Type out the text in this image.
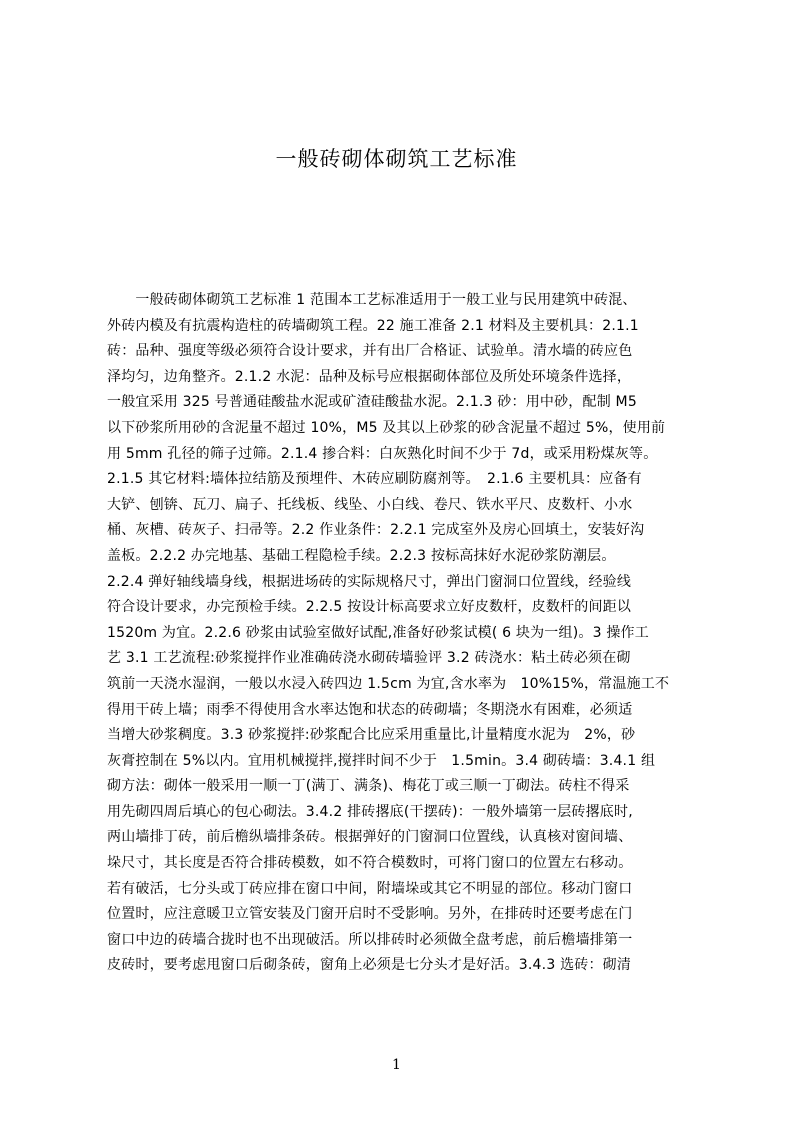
一般砖砌体砌筑工艺标准
　　一般砖砌体砌筑工艺标准 1 范围本工艺标准适用于一般工业与民用建筑中砖混、
外砖内模及有抗震构造柱的砖墙砌筑工程。22 施工准备 2.1 材料及主要机具：2.1.1
砖：品种、强度等级必须符合设计要求，并有出厂合格证、试验单。清水墙的砖应色
泽均匀，边角整齐。2.1.2 水泥：品种及标号应根据砌体部位及所处环境条件选择，
一般宜采用 325 号普通硅酸盐水泥或矿渣硅酸盐水泥。2.1.3 砂：用中砂，配制 M5
以下砂浆所用砂的含泥量不超过 10%，M5 及其以上砂浆的砂含泥量不超过 5%，使用前
用 5mm 孔径的筛子过筛。2.1.4 掺合料：白灰熟化时间不少于 7d，或采用粉煤灰等。
2.1.5 其它材料:墙体拉结筋及预埋件、木砖应刷防腐剂等。　2.1.6 主要机具：应备有
大铲、刨锛、瓦刀、扁子、托线板、线坠、小白线、卷尺、铁水平尺、皮数杆、小水
桶、灰槽、砖灰子、扫帚等。2.2 作业条件：2.2.1 完成室外及房心回填土，安装好沟
盖板。2.2.2 办完地基、基础工程隐检手续。2.2.3 按标高抹好水泥砂浆防潮层。
2.2.4 弹好轴线墙身线，根据进场砖的实际规格尺寸，弹出门窗洞口位置线，经验线
符合设计要求，办完预检手续。2.2.5 按设计标高要求立好皮数杆，皮数杆的间距以
1520m 为宜。2.2.6 砂浆由试验室做好试配,准备好砂浆试模( 6 块为一组)。3 操作工
艺 3.1 工艺流程:砂浆搅拌作业准确砖浇水砌砖墙验评 3.2 砖浇水：粘土砖必须在砌
筑前一天浇水湿润，一般以水浸入砖四边 1.5cm 为宜,含水率为　10%15%，常温施工不
得用干砖上墙；雨季不得使用含水率达饱和状态的砖砌墙；冬期浇水有困难，必须适
当增大砂浆稠度。3.3 砂浆搅拌:砂浆配合比应采用重量比,计量精度水泥为　2%，砂
灰膏控制在 5%以内。宜用机械搅拌,搅拌时间不少于　1.5min。3.4 砌砖墙：3.4.1 组
砌方法：砌体一般采用一顺一丁(满丁、满条)、梅花丁或三顺一丁砌法。砖柱不得采
用先砌四周后填心的包心砌法。3.4.2 排砖撂底(干摆砖)：一般外墙第一层砖撂底时,
两山墙排丁砖，前后檐纵墙排条砖。根据弹好的门窗洞口位置线，认真核对窗间墙、
垛尺寸，其长度是否符合排砖模数，如不符合模数时，可将门窗口的位置左右移动。
若有破活，七分头或丁砖应排在窗口中间，附墙垛或其它不明显的部位。移动门窗口
位置时，应注意暖卫立管安装及门窗开启时不受影响。另外，在排砖时还要考虑在门
窗口中边的砖墙合拢时也不出现破活。所以排砖时必须做全盘考虑，前后檐墙排第一
皮砖时，要考虑甩窗口后砌条砖，窗角上必须是七分头才是好活。3.4.3 选砖：砌清
1
